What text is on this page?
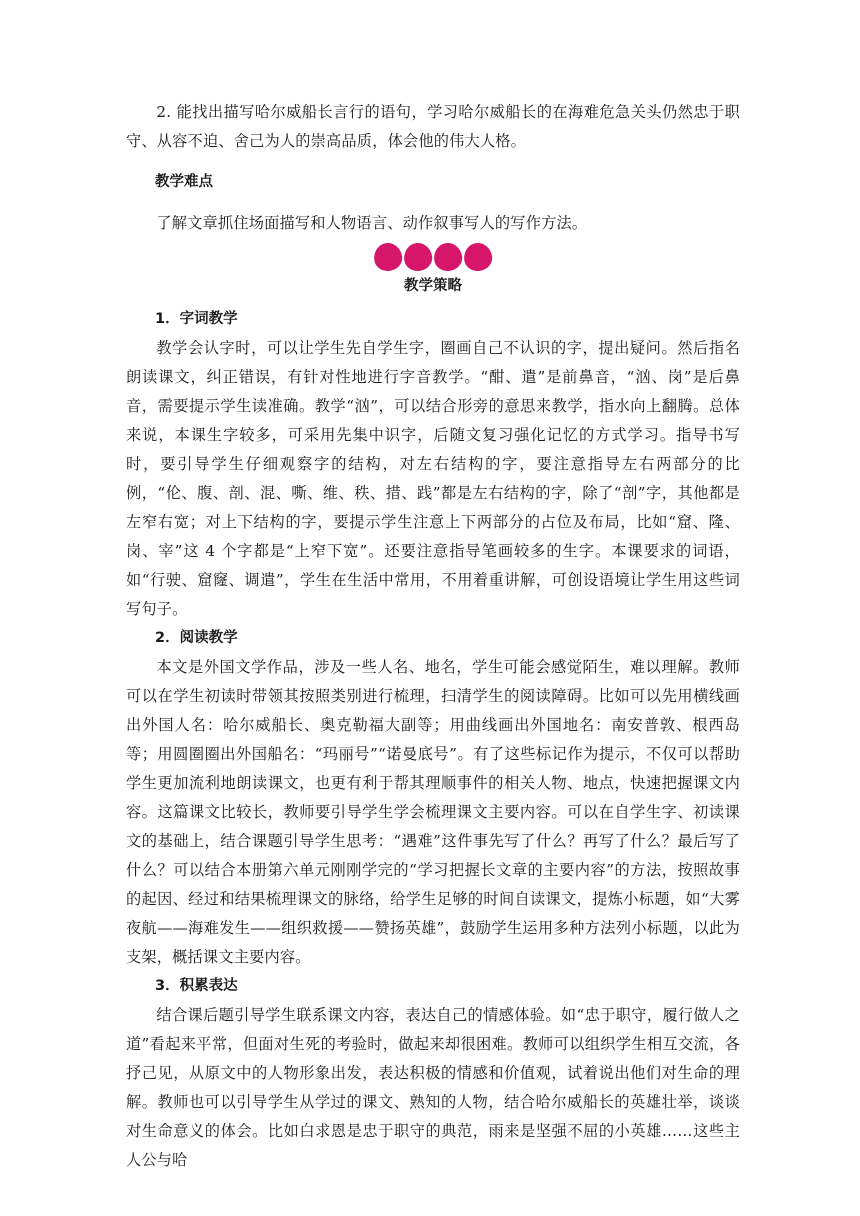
2. 能找出描写哈尔威船长言行的语句，学习哈尔威船长的在海难危急关头仍然忠于职守、从容不迫、舍己为人的崇高品质，体会他的伟大人格。

教学难点

了解文章抓住场面描写和人物语言、动作叙事写人的写作方法。

教学策略

1．字词教学

教学会认字时，可以让学生先自学生字，圈画自己不认识的字，提出疑问。然后指名朗读课文，纠正错误，有针对性地进行字音教学。“酣、遣”是前鼻音，“汹、岗”是后鼻音，需要提示学生读准确。教学“汹”，可以结合形旁的意思来教学，指水向上翻腾。总体来说，本课生字较多，可采用先集中识字，后随文复习强化记忆的方式学习。指导书写时，要引导学生仔细观察字的结构，对左右结构的字，要注意指导左右两部分的比例，“伦、腹、剖、混、嘶、维、秩、措、践”都是左右结构的字，除了“剖”字，其他都是左窄右宽；对上下结构的字，要提示学生注意上下两部分的占位及布局，比如“窟、隆、岗、宰”这 4 个字都是“上窄下宽”。还要注意指导笔画较多的生字。本课要求的词语，如“行驶、窟窿、调遣”，学生在生活中常用，不用着重讲解，可创设语境让学生用这些词写句子。

2．阅读教学

本文是外国文学作品，涉及一些人名、地名，学生可能会感觉陌生，难以理解。教师可以在学生初读时带领其按照类别进行梳理，扫清学生的阅读障碍。比如可以先用横线画出外国人名：哈尔威船长、奥克勒福大副等；用曲线画出外国地名：南安普敦、根西岛等；用圆圈圈出外国船名：“玛丽号”“诺曼底号”。有了这些标记作为提示，不仅可以帮助学生更加流利地朗读课文，也更有利于帮其理顺事件的相关人物、地点，快速把握课文内容。这篇课文比较长，教师要引导学生学会梳理课文主要内容。可以在自学生字、初读课文的基础上，结合课题引导学生思考：“遇难”这件事先写了什么？再写了什么？最后写了什么？可以结合本册第六单元刚刚学完的“学习把握长文章的主要内容”的方法，按照故事的起因、经过和结果梳理课文的脉络，给学生足够的时间自读课文，提炼小标题，如“大雾夜航——海难发生——组织救援——赞扬英雄”，鼓励学生运用多种方法列小标题，以此为支架，概括课文主要内容。

3．积累表达

结合课后题引导学生联系课文内容，表达自己的情感体验。如“忠于职守，履行做人之道”看起来平常，但面对生死的考验时，做起来却很困难。教师可以组织学生相互交流，各抒己见，从原文中的人物形象出发，表达积极的情感和价值观，试着说出他们对生命的理解。教师也可以引导学生从学过的课文、熟知的人物，结合哈尔威船长的英雄壮举，谈谈对生命意义的体会。比如白求恩是忠于职守的典范，雨来是坚强不屈的小英雄……这些主人公与哈
